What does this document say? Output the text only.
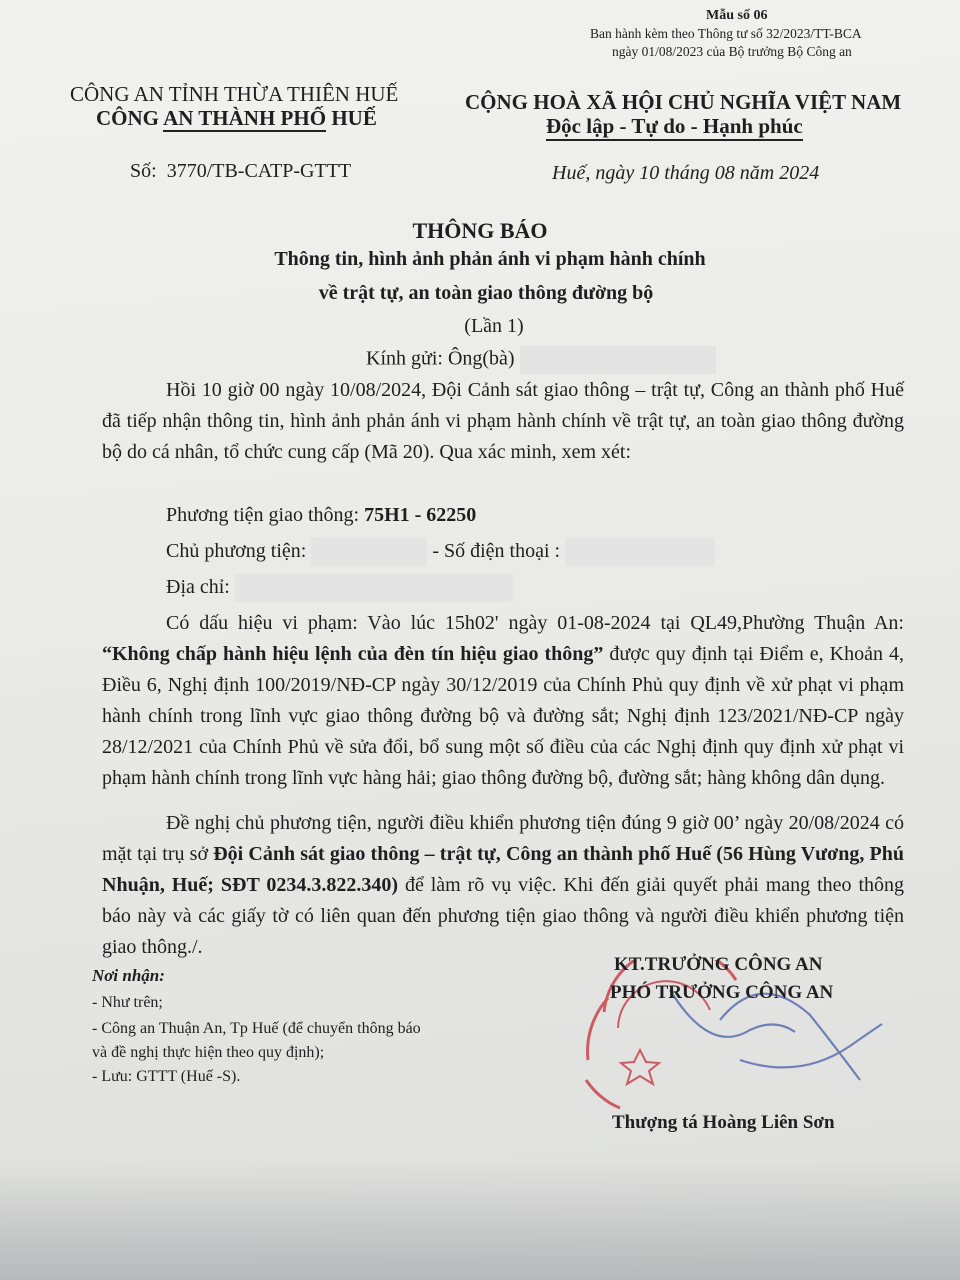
Mẫu số 06
Ban hành kèm theo Thông tư số 32/2023/TT-BCA
ngày 01/08/2023 của Bộ trưởng Bộ Công an
CÔNG AN TỈNH THỪA THIÊN HUẾ
CÔNG AN THÀNH PHỐ HUẾ
CỘNG HOÀ XÃ HỘI CHỦ NGHĨA VIỆT NAM
Độc lập - Tự do - Hạnh phúc
Số: 3770/TB-CATP-GTTT	Huế, ngày 10 tháng 08 năm 2024
THÔNG BÁO
Thông tin, hình ảnh phản ánh vi phạm hành chính
về trật tự, an toàn giao thông đường bộ
(Lần 1)
Kính gửi: Ông(bà)
Hồi 10 giờ 00 ngày 10/08/2024, Đội Cảnh sát giao thông – trật tự, Công an thành phố Huế đã tiếp nhận thông tin, hình ảnh phản ánh vi phạm hành chính về trật tự, an toàn giao thông đường bộ do cá nhân, tổ chức cung cấp (Mã 20). Qua xác minh, xem xét:
Phương tiện giao thông: 75H1 - 62250
Chủ phương tiện:	- Số điện thoại :
Địa chỉ:
Có dấu hiệu vi phạm: Vào lúc 15h02' ngày 01-08-2024 tại QL49,Phường Thuận An: “Không chấp hành hiệu lệnh của đèn tín hiệu giao thông” được quy định tại Điểm e, Khoản 4, Điều 6, Nghị định 100/2019/NĐ-CP ngày 30/12/2019 của Chính Phủ quy định về xử phạt vi phạm hành chính trong lĩnh vực giao thông đường bộ và đường sắt; Nghị định 123/2021/NĐ-CP ngày 28/12/2021 của Chính Phủ về sửa đổi, bổ sung một số điều của các Nghị định quy định xử phạt vi phạm hành chính trong lĩnh vực hàng hải; giao thông đường bộ, đường sắt; hàng không dân dụng.
Đề nghị chủ phương tiện, người điều khiển phương tiện đúng 9 giờ 00’ ngày 20/08/2024 có mặt tại trụ sở Đội Cảnh sát giao thông – trật tự, Công an thành phố Huế (56 Hùng Vương, Phú Nhuận, Huế; SĐT 0234.3.822.340) để làm rõ vụ việc. Khi đến giải quyết phải mang theo thông báo này và các giấy tờ có liên quan đến phương tiện giao thông và người điều khiển phương tiện giao thông./.
Nơi nhận:
- Như trên;
- Công an Thuận An, Tp Huế (để chuyển thông báo
và đề nghị thực hiện theo quy định);
- Lưu: GTTT (Huế -S).
KT.TRƯỞNG CÔNG AN
PHÓ TRƯỞNG CÔNG AN
Thượng tá Hoàng Liên Sơn
